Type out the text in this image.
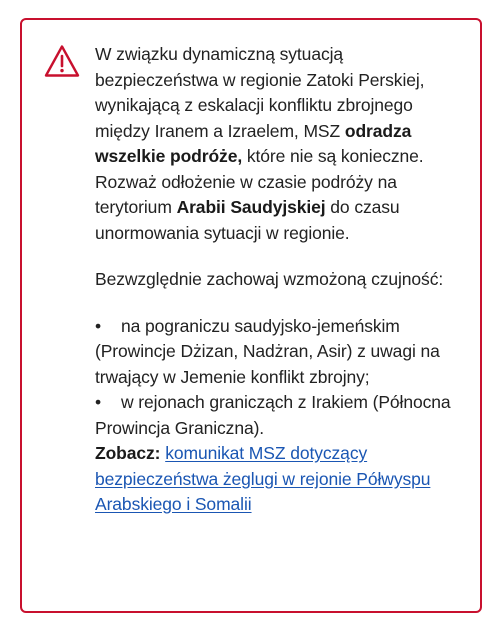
W związku dynamiczną sytuacją bezpieczeństwa w regionie Zatoki Perskiej, wynikającą z eskalacji konfliktu zbrojnego między Iranem a Izraelem, MSZ odradza wszelkie podróże, które nie są konieczne. Rozważ odłożenie w czasie podróży na terytorium Arabii Saudyjskiej do czasu unormowania sytuacji w regionie.

Bezwzględnie zachowaj wzmożoną czujność:

• na pograniczu saudyjsko-jemeńskim (Prowincje Dżizan, Nadżran, Asir) z uwagi na trwający w Jemenie konflikt zbrojny;
• w rejonach granicząch z Irakiem (Północna Prowincja Graniczna).

Zobacz: komunikat MSZ dotyczący bezpieczeństwa żeglugi w rejonie Półwyspu Arabskiego i Somalii
